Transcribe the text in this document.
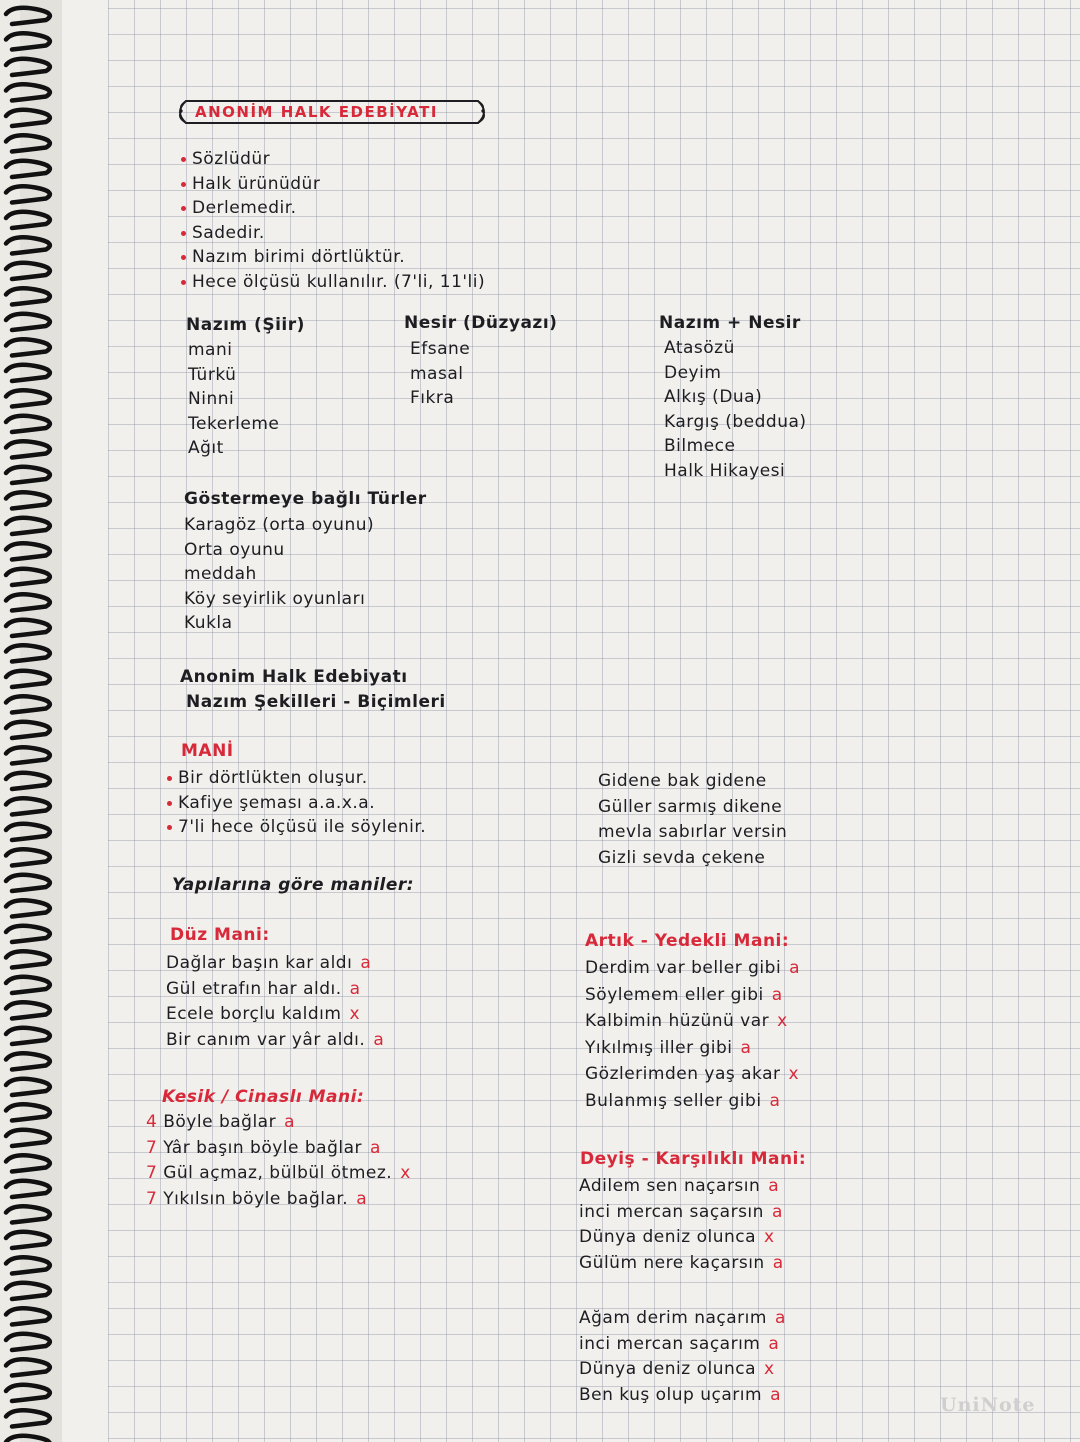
ANONİM HALK EDEBİYATI
Sözlüdür
Halk ürünüdür
Derlemedir.
Sadedir.
Nazım birimi dörtlüktür.
Hece ölçüsü kullanılır. (7'li, 11'li)
Nazım (Şiir)
mani
Türkü
Ninni
Tekerleme
Ağıt
Nesir (Düzyazı)
Efsane
masal
Fıkra
Nazım + Nesir
Atasözü
Deyim
Alkış (Dua)
Kargış (beddua)
Bilmece
Halk Hikayesi
Göstermeye bağlı Türler
Karagöz (orta oyunu)
Orta oyunu
meddah
Köy seyirlik oyunları
Kukla
Anonim Halk Edebiyatı
Nazım Şekilleri - Biçimleri
MANİ
Bir dörtlükten oluşur.
Kafiye şeması a.a.x.a.
7'li hece ölçüsü ile söylenir.
Gidene bak gidene
Güller sarmış dikene
mevla sabırlar versin
Gizli sevda çekene
Yapılarına göre maniler:
Düz Mani:
Dağlar başın kar aldı a
Gül etrafın har aldı. a
Ecele borçlu kaldım x
Bir canım var yâr aldı. a
Kesik / Cinaslı Mani:
4 Böyle bağlar a
7 Yâr başın böyle bağlar a
7 Gül açmaz, bülbül ötmez. x
7 Yıkılsın böyle bağlar. a
Artık - Yedekli Mani:
Derdim var beller gibi a
Söylemem eller gibi a
Kalbimin hüzünü var x
Yıkılmış iller gibi a
Gözlerimden yaş akar x
Bulanmış seller gibi a
Deyiş - Karşılıklı Mani:
Adilem sen naçarsın a
inci mercan saçarsın a
Dünya deniz olunca x
Gülüm nere kaçarsın a
Ağam derim naçarım a
inci mercan saçarım a
Dünya deniz olunca x
Ben kuş olup uçarım a	UniNote
